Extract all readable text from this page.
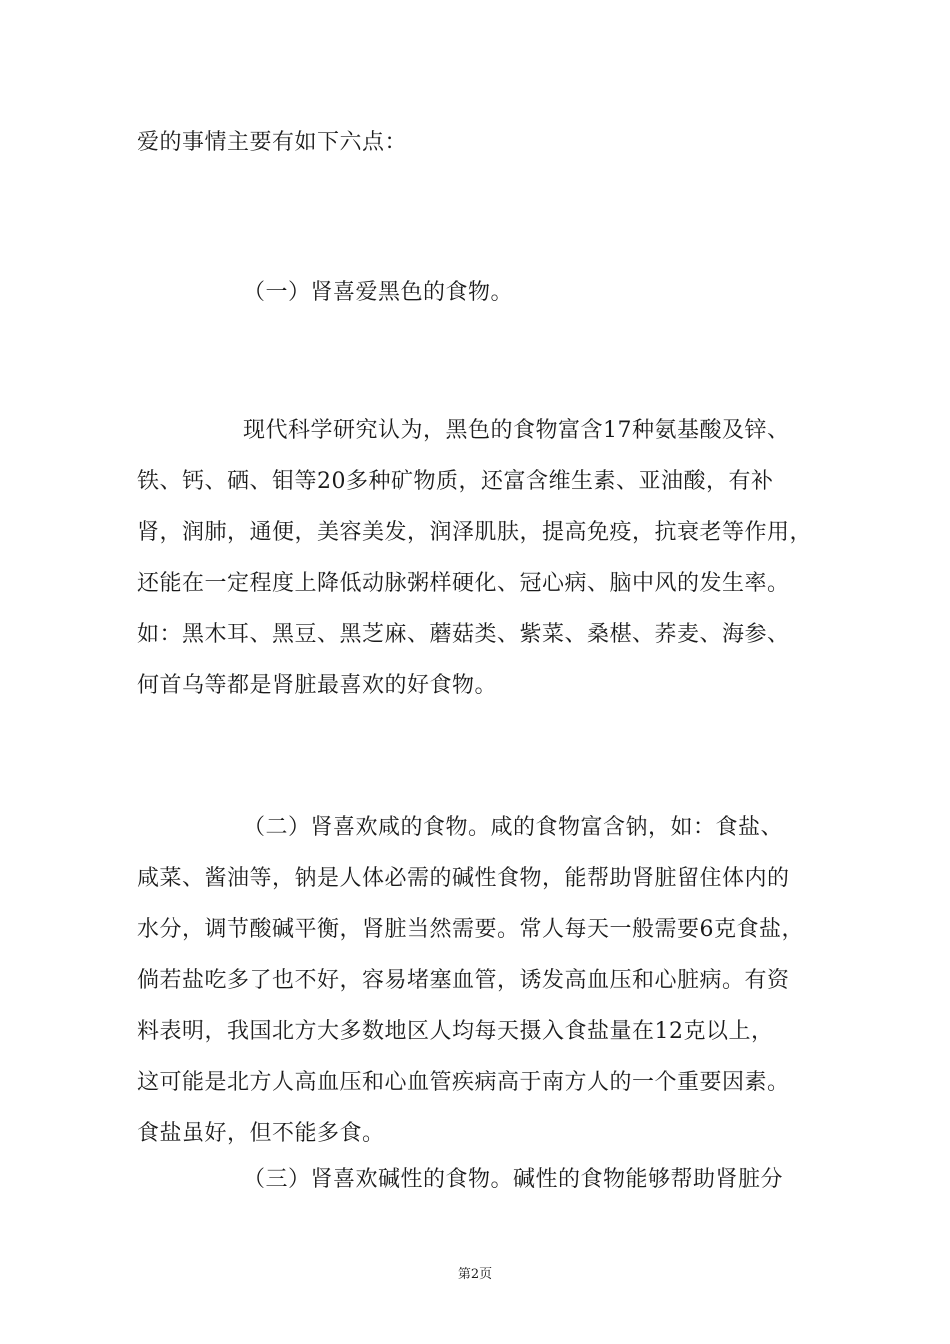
爱的事情主要有如下六点：
（一）肾喜爱黑色的食物。
现代科学研究认为，黑色的食物富含17种氨基酸及锌、
铁、钙、硒、钼等20多种矿物质，还富含维生素、亚油酸，有补
肾，润肺，通便，美容美发，润泽肌肤，提高免疫，抗衰老等作用，
还能在一定程度上降低动脉粥样硬化、冠心病、脑中风的发生率。
如：黑木耳、黑豆、黑芝麻、蘑菇类、紫菜、桑椹、荞麦、海参、
何首乌等都是肾脏最喜欢的好食物。
（二）肾喜欢咸的食物。咸的食物富含钠，如：食盐、
咸菜、酱油等，钠是人体必需的碱性食物，能帮助肾脏留住体内的
水分，调节酸碱平衡，肾脏当然需要。常人每天一般需要6克食盐，
倘若盐吃多了也不好，容易堵塞血管，诱发高血压和心脏病。有资
料表明，我国北方大多数地区人均每天摄入食盐量在12克以上，
这可能是北方人高血压和心血管疾病高于南方人的一个重要因素。
食盐虽好，但不能多食。
（三）肾喜欢碱性的食物。碱性的食物能够帮助肾脏分
第2页
